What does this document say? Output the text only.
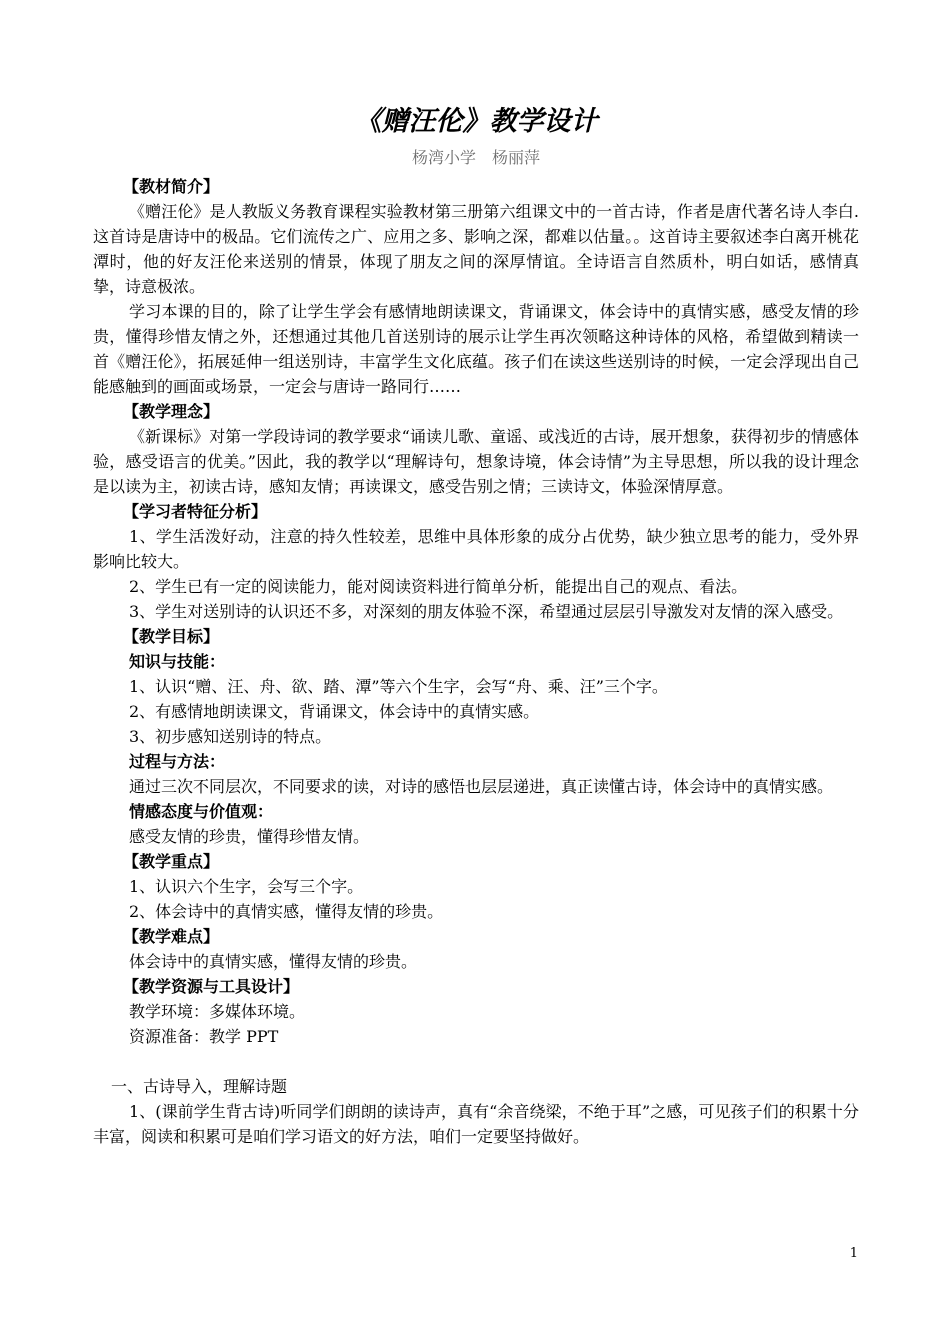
《赠汪伦》教学设计
杨湾小学　杨丽萍
【教材简介】

《赠汪伦》是人教版义务教育课程实验教材第三册第六组课文中的一首古诗，作者是唐代著名诗人李白.这首诗是唐诗中的极品。它们流传之广、应用之多、影响之深，都难以估量。。这首诗主要叙述李白离开桃花潭时，他的好友汪伦来送别的情景，体现了朋友之间的深厚情谊。全诗语言自然质朴，明白如话，感情真挚，诗意极浓。

学习本课的目的，除了让学生学会有感情地朗读课文，背诵课文，体会诗中的真情实感，感受友情的珍贵，懂得珍惜友情之外，还想通过其他几首送别诗的展示让学生再次领略这种诗体的风格，希望做到精读一首《赠汪伦》，拓展延伸一组送别诗，丰富学生文化底蕴。孩子们在读这些送别诗的时候，一定会浮现出自己能感触到的画面或场景，一定会与唐诗一路同行……

【教学理念】

《新课标》对第一学段诗词的教学要求“诵读儿歌、童谣、或浅近的古诗，展开想象，获得初步的情感体验，感受语言的优美。”因此，我的教学以“理解诗句，想象诗境，体会诗情”为主导思想，所以我的设计理念是以读为主，初读古诗，感知友情；再读课文，感受告别之情；三读诗文，体验深情厚意。

【学习者特征分析】

1、学生活泼好动，注意的持久性较差，思维中具体形象的成分占优势，缺少独立思考的能力，受外界影响比较大。

2、学生已有一定的阅读能力，能对阅读资料进行简单分析，能提出自己的观点、看法。

3、学生对送别诗的认识还不多，对深刻的朋友体验不深，希望通过层层引导激发对友情的深入感受。

【教学目标】
知识与技能：
1、认识“赠、汪、舟、欲、踏、潭”等六个生字，会写“舟、乘、汪”三个字。
2、有感情地朗读课文，背诵课文，体会诗中的真情实感。
3、初步感知送别诗的特点。
过程与方法：

通过三次不同层次，不同要求的读，对诗的感悟也层层递进，真正读懂古诗，体会诗中的真情实感。

情感态度与价值观：
感受友情的珍贵，懂得珍惜友情。
【教学重点】
1、认识六个生字，会写三个字。
2、体会诗中的真情实感，懂得友情的珍贵。
【教学难点】
体会诗中的真情实感，懂得友情的珍贵。
【教学资源与工具设计】
教学环境：多媒体环境。
资源准备：教学 PPT
一、古诗导入，理解诗题

1、(课前学生背古诗)听同学们朗朗的读诗声，真有“余音绕梁，不绝于耳”之感，可见孩子们的积累十分丰富，阅读和积累可是咱们学习语文的好方法，咱们一定要坚持做好。

1
